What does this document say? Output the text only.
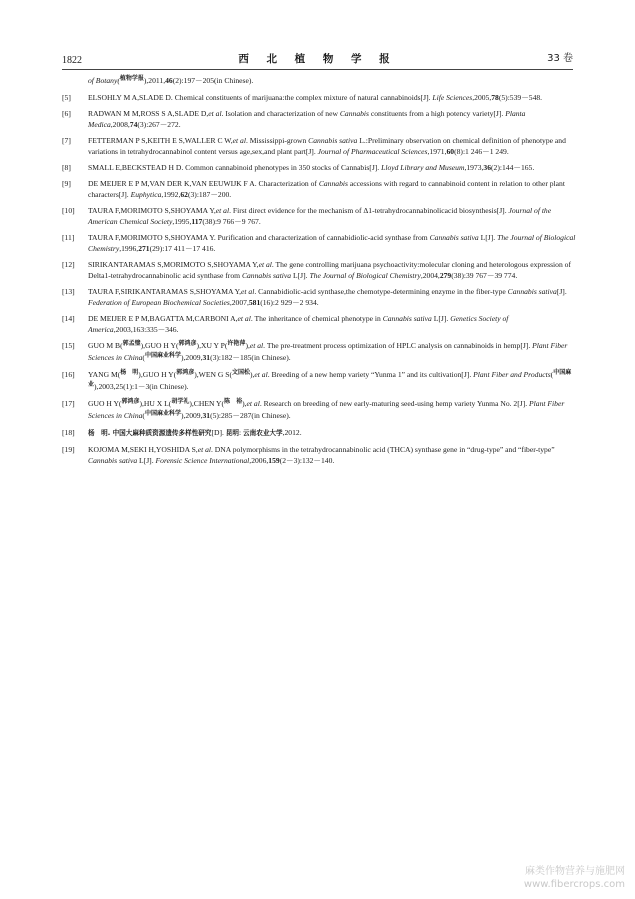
1822	西 北 植 物 学 报	33 卷
of Botany($^{植物学报}$),2011,46(2):197－205(in Chinese).
[5] ELSOHLY M A,SLADE D. Chemical constituents of marijuana:the complex mixture of natural cannabinoids[J]. Life Sciences,2005,78(5):539－548.
[6] RADWAN M M,ROSS S A,SLADE D,et al. Isolation and characterization of new Cannabis constituents from a high potency variety[J]. Planta Medica,2008,74(3):267－272.
[7] FETTERMAN P S,KEITH E S,WALLER C W,et al. Mississippi-grown Cannabis sativa L.:Preliminary observation on chemical definition of phenotype and variations in tetrahydrocannabinol content versus age,sex,and plant part[J]. Journal of Pharmaceutical Sciences,1971,60(8):1 246－1 249.
[8] SMALL E,BECKSTEAD H D. Common cannabinoid phenotypes in 350 stocks of Cannabis[J]. Lloyd Library and Museum,1973,36(2):144－165.
[9] DE MEIJER E P M,VAN DER K,VAN EEUWIJK F A. Characterization of Cannabis accessions with regard to cannabinoid content in relation to other plant characters[J]. Euphytica,1992,62(3):187－200.
[10] TAURA F,MORIMOTO S,SHOYAMA Y,et al. First direct evidence for the mechanism of Δ1-tetrahydrocannabinolicacid biosynthesis[J]. Journal of the American Chemical Society,1995,117(38):9 766－9 767.
[11] TAURA F,MORIMOTO S,SHOYAMA Y. Purification and characterization of cannabidiolic-acid synthase from Cannabis sativa L[J]. The Journal of Biological Chemistry,1996,271(29):17 411－17 416.
[12] SIRIKANTARAMAS S,MORIMOTO S,SHOYAMA Y,et al. The gene controlling marijuana psychoactivity:molecular cloning and heterologous expression of Delta1-tetrahydrocannabinolic acid synthase from Cannabis sativa L[J]. The Journal of Biological Chemistry,2004,279(38):39 767－39 774.
[13] TAURA F,SIRIKANTARAMAS S,SHOYAMA Y,et al. Cannabidiolic-acid synthase,the chemotype-determining enzyme in the fiber-type Cannabis sativa[J]. Federation of European Biochemical Societies,2007,581(16):2 929－2 934.
[14] DE MEIJER E P M,BAGATTA M,CARBONI A,et al. The inheritance of chemical phenotype in Cannabis sativa L[J]. Genetics Society of America,2003,163:335－346.
[15] GUO M B($^{郭孟璧}$),GUO H Y($^{郭鸿彦}$),XU Y P($^{许艳萍}$),et al. The pre-treatment process optimization of HPLC analysis on cannabinoids in hemp[J]. Plant Fiber Sciences in China($^{中国麻业科学}$),2009,31(3):182－185(in Chinese).
[16] YANG M($^{杨 明}$),GUO H Y($^{郭鸿彦}$),WEN G S($^{文国松}$),et al. Breeding of a new hemp variety “Yunma 1” and its cultivation[J]. Plant Fiber and Products($^{中国麻业}$),2003,25(1):1－3(in Chinese).
[17] GUO H Y($^{郭鸿彦}$),HU X L($^{胡学礼}$),CHEN Y($^{陈 裕}$),et al. Research on breeding of new early-maturing seed-using hemp variety Yunma No. 2[J]. Plant Fiber Sciences in China($^{中国麻业科学}$),2009,31(5):285－287(in Chinese).
[18] 杨　明. 中国大麻种质资源遗传多样性研究[D]. 昆明: 云南农业大学,2012.
[19] KOJOMA M,SEKI H,YOSHIDA S,et al. DNA polymorphisms in the tetrahydrocannabinolic acid (THCA) synthase gene in “drug-type” and “fiber-type” Cannabis sativa L[J]. Forensic Science International,2006,159(2－3):132－140.
麻类作物营养与施肥网
www.fibercrops.com
